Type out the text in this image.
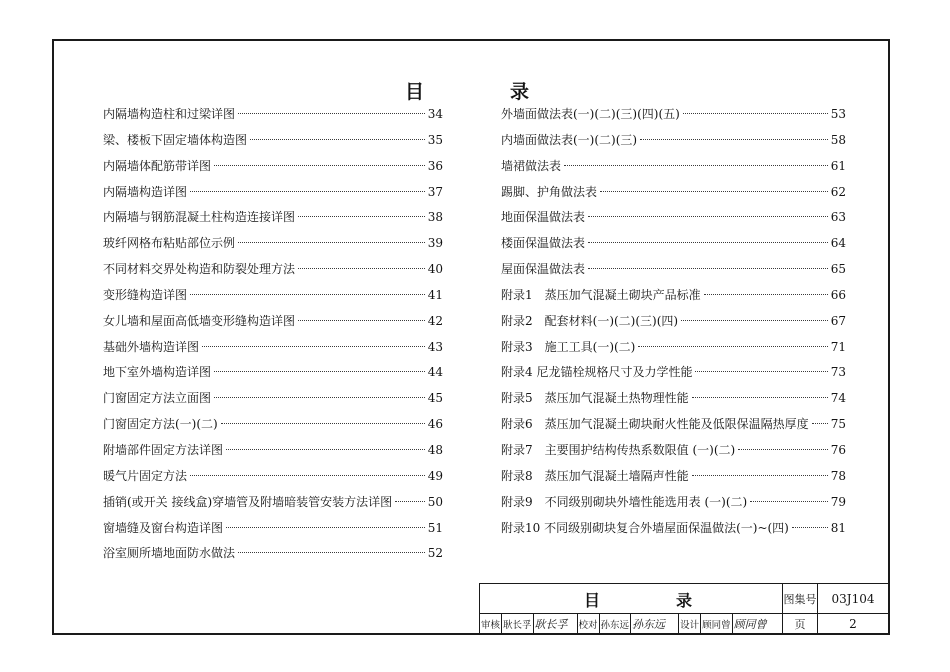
目	录
内隔墙构造柱和过梁详图	34
梁、楼板下固定墙体构造图	35
内隔墙体配筋带详图	36
内隔墙构造详图	37
内隔墙与钢筋混凝土柱构造连接详图	38
玻纤网格布粘贴部位示例	39
不同材料交界处构造和防裂处理方法	40
变形缝构造详图	41
女儿墙和屋面高低墙变形缝构造详图	42
基础外墙构造详图	43
地下室外墙构造详图	44
门窗固定方法立面图	45
门窗固定方法(一)(二)	46
附墙部件固定方法详图	48
暖气片固定方法	49
插销(或开关 接线盒)穿墙管及附墙暗装管安装方法详图	50
窗墙缝及窗台构造详图	51
浴室厕所墙地面防水做法	52
外墙面做法表(一)(二)(三)(四)(五)	53
内墙面做法表(一)(二)(三)	58
墙裙做法表	61
踢脚、护角做法表	62
地面保温做法表	63
楼面保温做法表	64
屋面保温做法表	65
附录1　蒸压加气混凝土砌块产品标准	66
附录2　配套材料(一)(二)(三)(四)	67
附录3　施工工具(一)(二)	71
附录4 尼龙锚栓规格尺寸及力学性能	73
附录5　蒸压加气混凝土热物理性能	74
附录6　蒸压加气混凝土砌块耐火性能及低限保温隔热厚度 75
附录7　主要围护结构传热系数限值 (一)(二)	76
附录8　蒸压加气混凝土墙隔声性能	78
附录9　不同级别砌块外墙性能选用表 (一)(二)	79
附录10 不同级别砌块复合外墙屋面保温做法(一)~(四)	81
目	录	图集号	03J104
页	2
审核 耿长孚 耿长孚	校对 孙东远 孙东远	设计 顾同曾 顾同曾
